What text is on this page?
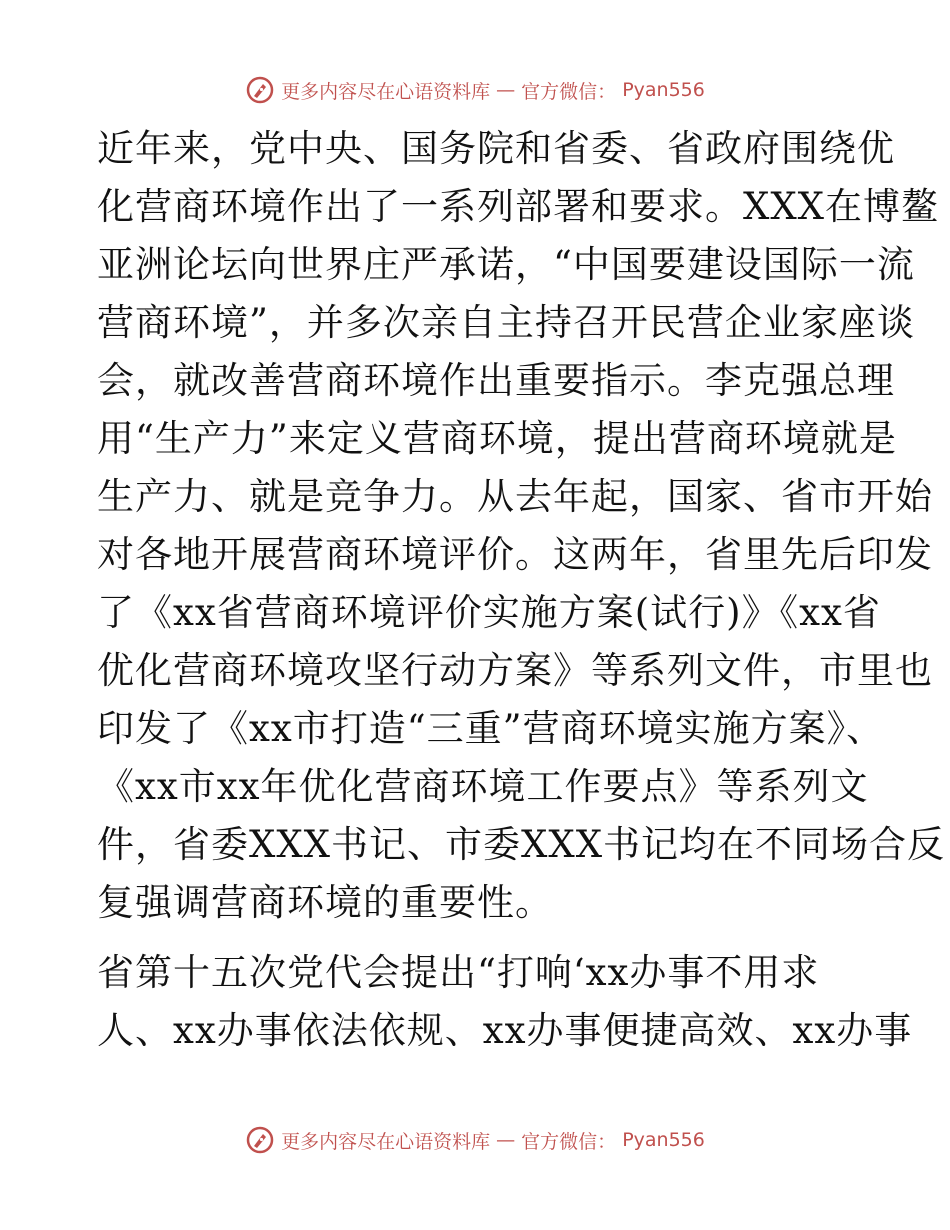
更多内容尽在心语资料库 — 官方微信： Pyan556

近年来，党中央、国务院和省委、省政府围绕优
化营商环境作出了一系列部署和要求。XXX在博鳌
亚洲论坛向世界庄严承诺，“中国要建设国际一流
营商环境”，并多次亲自主持召开民营企业家座谈
会，就改善营商环境作出重要指示。李克强总理
用“生产力”来定义营商环境，提出营商环境就是
生产力、就是竞争力。从去年起，国家、省市开始
对各地开展营商环境评价。这两年，省里先后印发
了《xx省营商环境评价实施方案(试行)》《xx省
优化营商环境攻坚行动方案》等系列文件，市里也
印发了《xx市打造“三重”营商环境实施方案》、
《xx市xx年优化营商环境工作要点》等系列文
件，省委XXX书记、市委XXX书记均在不同场合反
复强调营商环境的重要性。

省第十五次党代会提出“打响‘xx办事不用求
人、xx办事依法依规、xx办事便捷高效、xx办事

更多内容尽在心语资料库 — 官方微信： Pyan556
